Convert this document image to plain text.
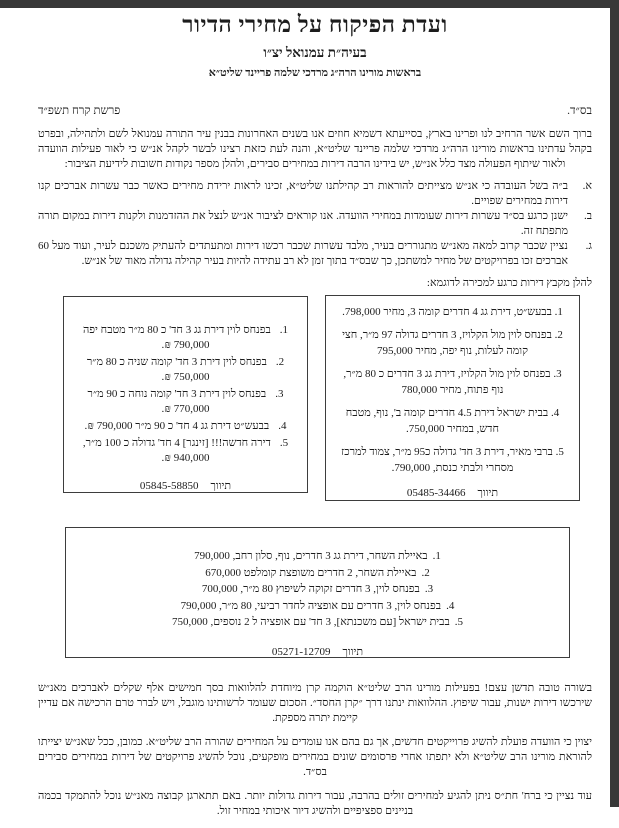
ועדת הפיקוח על מחירי הדיור
בעיה״ת עמנואל יצ״ו
בראשות מורינו הרה״ג מרדכי שלמה פריינד שליט״א
בס״ד.
פרשת קרח תשפ״ד

ברוך השם אשר הרחיב לנו ופרינו בארץ, בסייעתא דשמיא חוזים אנו בשנים האחרונות בבנין עיר התורה עמנואל לשם ולתהילה, ובפרט בקהל עדתינו בראשות מורינו הרה״ג מרדכי שלמה פריינד שליט״א, והנה לעת כזאת רצינו לבשר לקהל אנ״ש כי לאור פעילות הוועדה ולאור שיתוף הפעולה מצד כלל אנ״ש, יש בידינו הרבה דירות במחירים סבירים, ולהלן מספר נקודות חשובות לידיעת הציבור:

א.
ב״ה בשל העובדה כי אנ״ש מצייתים להוראות רב קהילתנו שליט״א, זכינו לראות ירידת מחירים כאשר כבר עשרות אברכים קנו דירות במחירים שפויים.
ב.
ישנן כרגע בס״ד עשרות דירות שעומדות במחירי הוועדה. אנו קוראים לציבור אנ״ש לנצל את ההזדמנות ולקנות דירות במקום תורה מתפתח זה.
ג.
נציין שכבר קרוב למאה מאנ״ש מתגוררים בעיר, מלבד עשרות שכבר רכשו דירות ומתעתדים להעתיק משכנם לעיר, ועוד מעל 60 אברכים זכו בפרויקטים של מחיר למשתכן, כך שבס״ד בתוך זמן לא רב עתידה להיות בעיר קהילה גדולה מאוד של אנ״ש.
להלן מקבץ דירות כרגע למכירה לדוגמא:

1. בבעש״ט, דירת גג 4 חדרים קומה 3, מחיר 798,000.

2. בפנחס לוין מול הקלויז, 3 חדרים גדולה 97 מ״ר, חצי קומה לעלות, נוף יפה, מחיר 795,000

3. בפנחס לוין מול הקלויז, דירת גג 3 חדרים כ 80 מ״ר, נוף פתוח, מחיר 780,000

4. בבית ישראל דירת 4.5 חדרים קומה ב', נוף, מטבח חדש, במחיר 750,000.

5. ברבי מאיר, דירת 3 חד' גדולה כ95 מ״ר, צמוד למרכז מסחרי ולבתי כנסת, 790,000.

תיווך05485-34466

1.בפנחס לוין דירת גג 3 חד' כ 80 מ״ר מטבח יפה 790,000 ₪.

2.בפנחס לוין דירת 3 חד' קומה שניה כ 80 מ״ר 750,000 ₪.

3.בפנחס לוין דירת 3 חד' קומה נוחה כ 90 מ״ר 770,000 ₪.

4.בבעש״ט דירת גג 4 חד' כ 90 מ״ר 790,000 ₪.

5.דירה חדשה!!! [זינגר] 4 חד' גדולה כ 100 מ״ר, 940,000 ₪.

תיווך05845-58850

1.באיילת השחר, דירת גג 3 חדרים, נוף, סלון רחב, 790,000

2.באיילת השחר, 2 חדרים משופצת קומלפט 670,000

3.בפנחס לוין, 3 חדרים זקוקה לשיפוץ 80 מ״ר, 700,000

4.בפנחס לוין, 3 חדרים עם אופציה לחדר רביעי, 80 מ״ר, 790,000

5.בבית ישראל [עם משכנתא], 3 חד' עם אופציה ל 2 נוספים, 750,000

תיווך05271-12709

בשורה טובה תדשן עצם! בפעילות מורינו הרב שליט״א הוקמה קרן מיוחדת להלוואות בסך חמישים אלף שקלים לאברכים מאנ״ש שירכשו דירות ישנות, עבור שיפוץ. ההלוואות ינתנו דרך ״קרן החסד״. הסכום שעומד לרשותינו מוגבל, ויש לברר טרם הרכישה אם עדיין קיימת יתרה מספקת.

יצוין כי הוועדה פועלת להשיג פרוייקטים חדשים, אך גם בהם אנו עומדים על המחירים שהורה הרב שליט״א. כמובן, ככל שאנ״ש יצייתו להוראת מורינו הרב שליט״א ולא יתפתו אחרי פרסומים שונים במחירים מופקעים, נוכל להשיג פרויקטים של דירות במחירים סבירים בס״ד.

עוד נציין כי ברח' חת״ס ניתן להגיע למחירים זולים בהרבה, עבור דירות גדולות יותר. באם תתארגן קבוצה מאנ״ש נוכל להתמקד בכמה בניינים ספציפיים ולהשיג דיור איכותי במחיר זול.
